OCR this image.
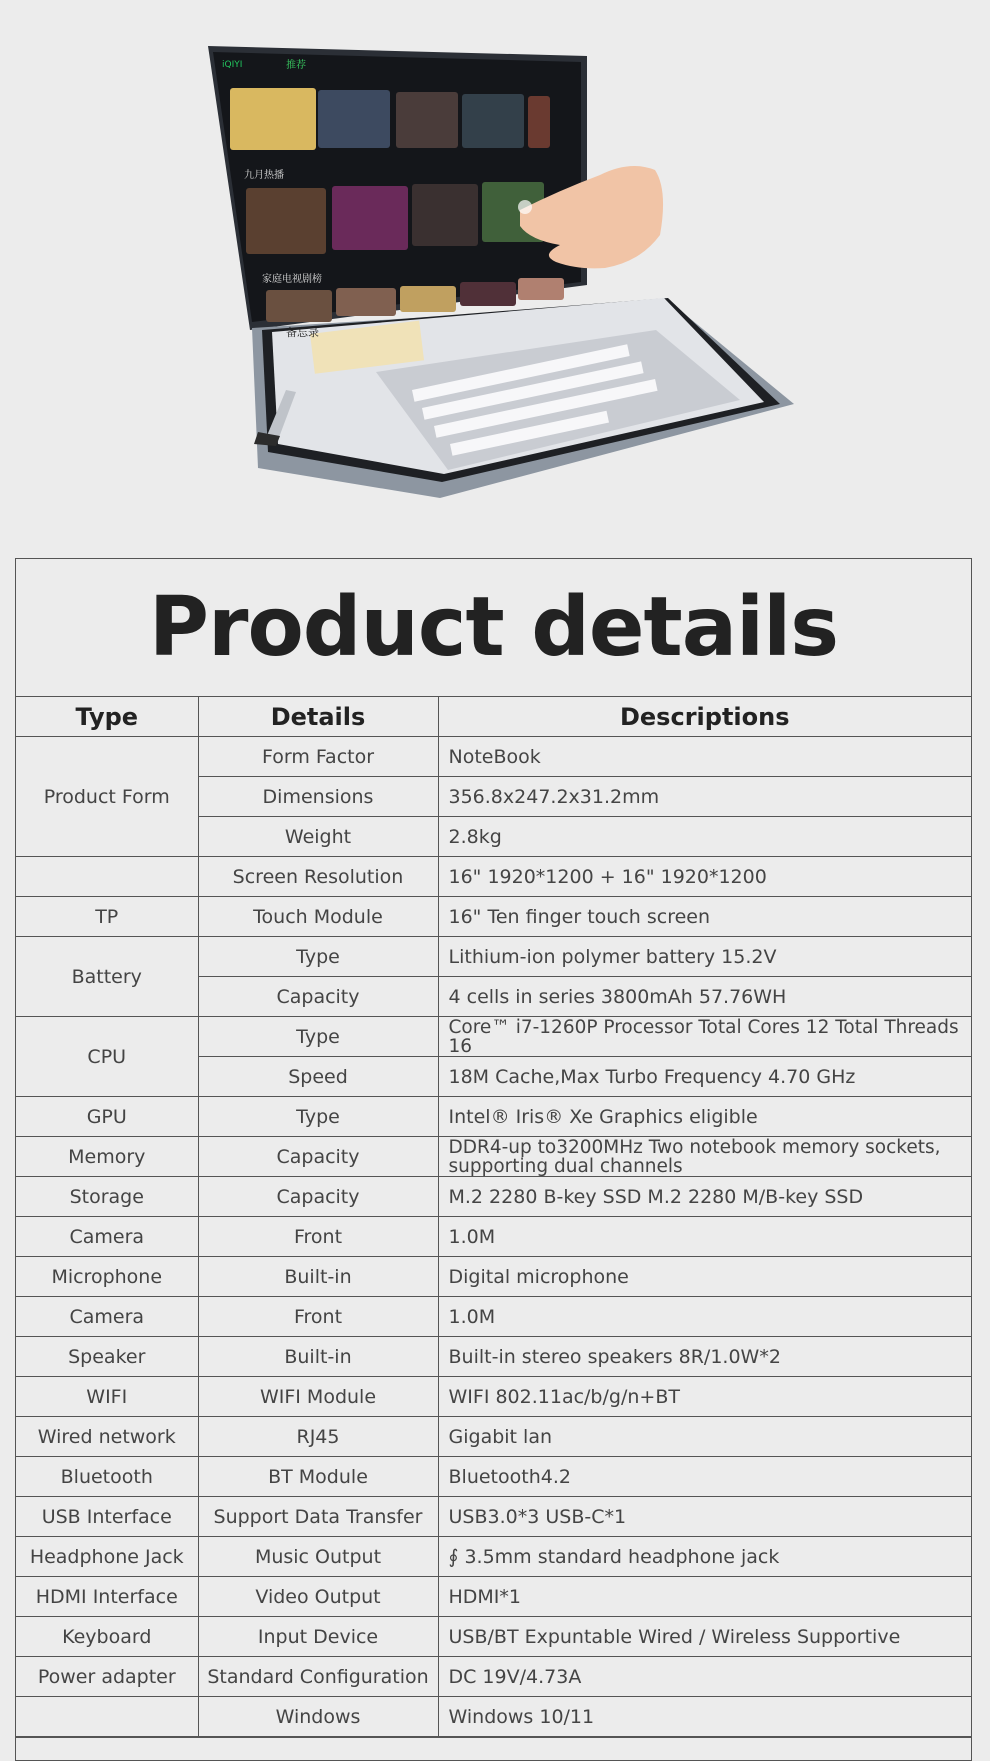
iQIYI	推荐
九月热播
家庭电视剧榜
备忘录
Product details
Type	Details	Descriptions
Product Form	Form Factor	NoteBook
	Dimensions	356.8x247.2x31.2mm
	Weight	2.8kg
	Screen Resolution	16" 1920*1200 + 16" 1920*1200
TP	Touch Module	16" Ten finger touch screen
Battery	Type	Lithium-ion polymer battery 15.2V
	Capacity	4 cells in series 3800mAh 57.76WH
CPU	Type	Core™ i7-1260P Processor Total Cores 12 Total Threads 16
	Speed	18M Cache,Max Turbo Frequency 4.70 GHz
GPU	Type	Intel® Iris® Xe Graphics eligible
Memory	Capacity	DDR4-up to3200MHz Two notebook memory sockets, supporting dual channels
Storage	Capacity	M.2 2280 B-key SSD M.2 2280 M/B-key SSD
Camera	Front	1.0M
Microphone	Built-in	Digital microphone
Camera	Front	1.0M
Speaker	Built-in	Built-in stereo speakers 8R/1.0W*2
WIFI	WIFI Module	WIFI 802.11ac/b/g/n+BT
Wired network	RJ45	Gigabit lan
Bluetooth	BT Module	Bluetooth4.2
USB Interface	Support Data Transfer	USB3.0*3 USB-C*1
Headphone Jack	Music Output	∮ 3.5mm standard headphone jack
HDMI Interface	Video Output	HDMI*1
Keyboard	Input Device	USB/BT Expuntable Wired / Wireless Supportive
Power adapter	Standard Configuration	DC 19V/4.73A
	Windows	Windows 10/11
